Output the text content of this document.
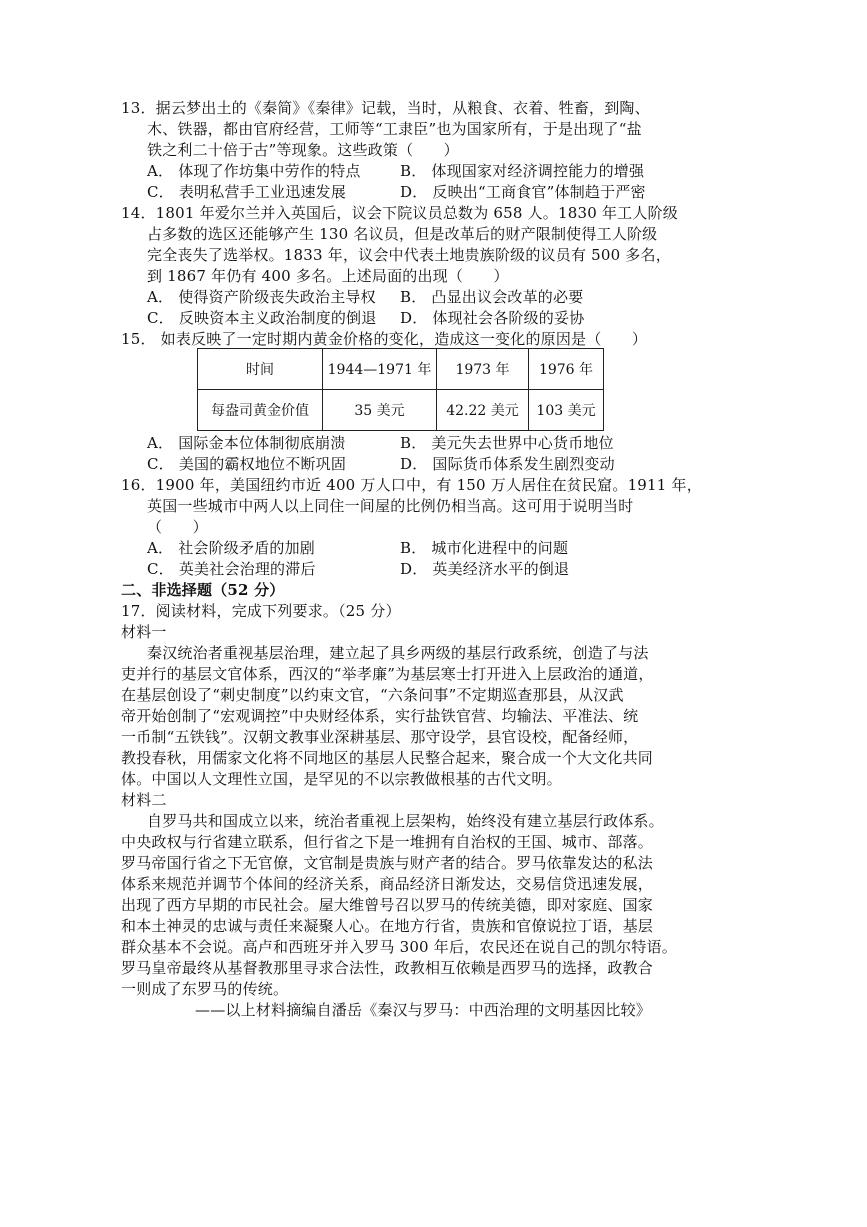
13．据云梦出土的《秦简》《秦律》记载，当时，从粮食、衣着、牲畜，到陶、
木、铁器，都由官府经营，工师等“工隶臣”也为国家所有，于是出现了“盐
铁之利二十倍于古”等现象。这些政策（　　）
A． 体现了作坊集中劳作的特点	B． 体现国家对经济调控能力的增强
C． 表明私营手工业迅速发展	D． 反映出“工商食官”体制趋于严密
14．1801 年爱尔兰并入英国后，议会下院议员总数为 658 人。1830 年工人阶级
占多数的选区还能够产生 130 名议员，但是改革后的财产限制使得工人阶级
完全丧失了选举权。1833 年，议会中代表土地贵族阶级的议员有 500 多名，
到 1867 年仍有 400 多名。上述局面的出现（　　）
A． 使得资产阶级丧失政治主导权 B． 凸显出议会改革的必要
C． 反映资本主义政治制度的倒退 D． 体现社会各阶级的妥协
15． 如表反映了一定时期内黄金价格的变化，造成这一变化的原因是（　　）
时间	1944—1971 年	1973 年	1976 年
每盎司黄金价值	35 美元	42.22 美元	103 美元
A． 国际金本位体制彻底崩溃	B． 美元失去世界中心货币地位
C． 美国的霸权地位不断巩固	D． 国际货币体系发生剧烈变动
16．1900 年，美国纽约市近 400 万人口中，有 150 万人居住在贫民窟。1911 年，
英国一些城市中两人以上同住一间屋的比例仍相当高。这可用于说明当时
（　　）
A． 社会阶级矛盾的加剧	B． 城市化进程中的问题
C． 英美社会治理的滞后	D． 英美经济水平的倒退
二、非选择题（52 分）
17．阅读材料，完成下列要求。（25 分）
材料一
秦汉统治者重视基层治理，建立起了具乡两级的基层行政系统，创造了与法
吏并行的基层文官体系，西汉的“举孝廉”为基层寒士打开进入上层政治的通道，
在基层创设了“刺史制度”以约束文官，“六条问事”不定期巡查那县，从汉武
帝开始创制了“宏观调控”中央财经体系，实行盐铁官营、均输法、平准法、统
一币制“五铁钱”。汉朝文教事业深耕基层、那守设学，县官设校，配备经师，
教投春秋，用儒家文化将不同地区的基层人民整合起来，聚合成一个大文化共同
体。中国以人文理性立国，是罕见的不以宗教做根基的古代文明。
材料二
自罗马共和国成立以来，统治者重视上层架构，始终没有建立基层行政体系。
中央政权与行省建立联系，但行省之下是一堆拥有自治权的王国、城市、部落。
罗马帝国行省之下无官僚，文官制是贵族与财产者的结合。罗马依靠发达的私法
体系来规范并调节个体间的经济关系，商品经济日渐发达，交易信贷迅速发展，
出现了西方早期的市民社会。屋大维曾号召以罗马的传统美德，即对家庭、国家
和本土神灵的忠诚与责任来凝聚人心。在地方行省，贵族和官僚说拉丁语，基层
群众基本不会说。高卢和西班牙并入罗马 300 年后，农民还在说自己的凯尔特语。
罗马皇帝最终从基督教那里寻求合法性，政教相互依赖是西罗马的选择，政教合
一则成了东罗马的传统。
——以上材料摘编自潘岳《秦汉与罗马：中西治理的文明基因比较》
